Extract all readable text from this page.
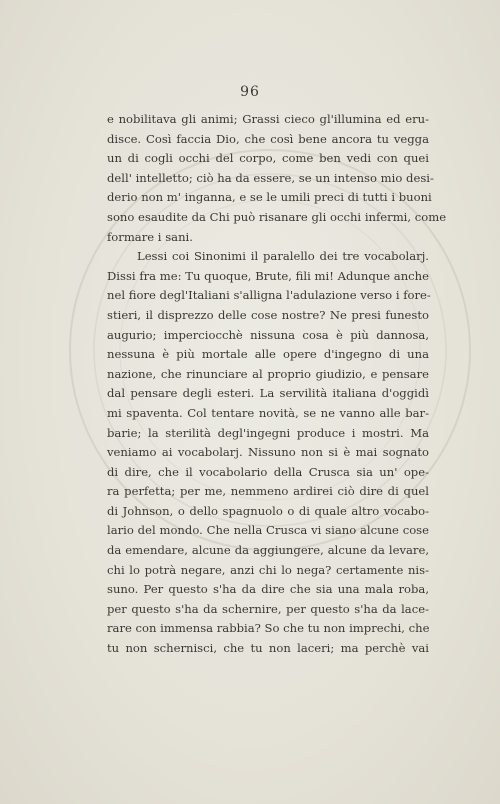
96
e nobilitava gli animi; Grassi cieco gl'illumina ed eru-
disce. Così faccia Dio, che così bene ancora tu vegga
un di cogli occhi del corpo, come ben vedi con quei
dell' intelletto; ciò ha da essere, se un intenso mio desi-
derio non m' inganna, e se le umili preci di tutti i buoni
sono esaudite da Chi può risanare gli occhi infermi, come
formare i sani.
Lessi coi Sinonimi il paralello dei tre vocabolarj.
Dissi fra me: Tu quoque, Brute, fili mi! Adunque anche
nel fiore degl'Italiani s'alligna l'adulazione verso i fore-
stieri, il disprezzo delle cose nostre? Ne presi funesto
augurio; imperciocchè nissuna cosa è più dannosa,
nessuna è più mortale alle opere d'ingegno di una
nazione, che rinunciare al proprio giudizio, e pensare
dal pensare degli esteri. La servilità italiana d'oggidì
mi spaventa. Col tentare novità, se ne vanno alle bar-
barie; la sterilità degl'ingegni produce i mostri. Ma
veniamo ai vocabolarj. Nissuno non si è mai sognato
di dire, che il vocabolario della Crusca sia un' ope-
ra perfetta; per me, nemmeno ardirei ciò dire di quel
di Johnson, o dello spagnuolo o di quale altro vocabo-
lario del mondo. Che nella Crusca vi siano alcune cose
da emendare, alcune da aggiungere, alcune da levare,
chi lo potrà negare, anzi chi lo nega? certamente nis-
suno. Per questo s'ha da dire che sia una mala roba,
per questo s'ha da schernire, per questo s'ha da lace-
rare con immensa rabbia? So che tu non imprechi, che
tu non schernisci, che tu non laceri; ma perchè vai
